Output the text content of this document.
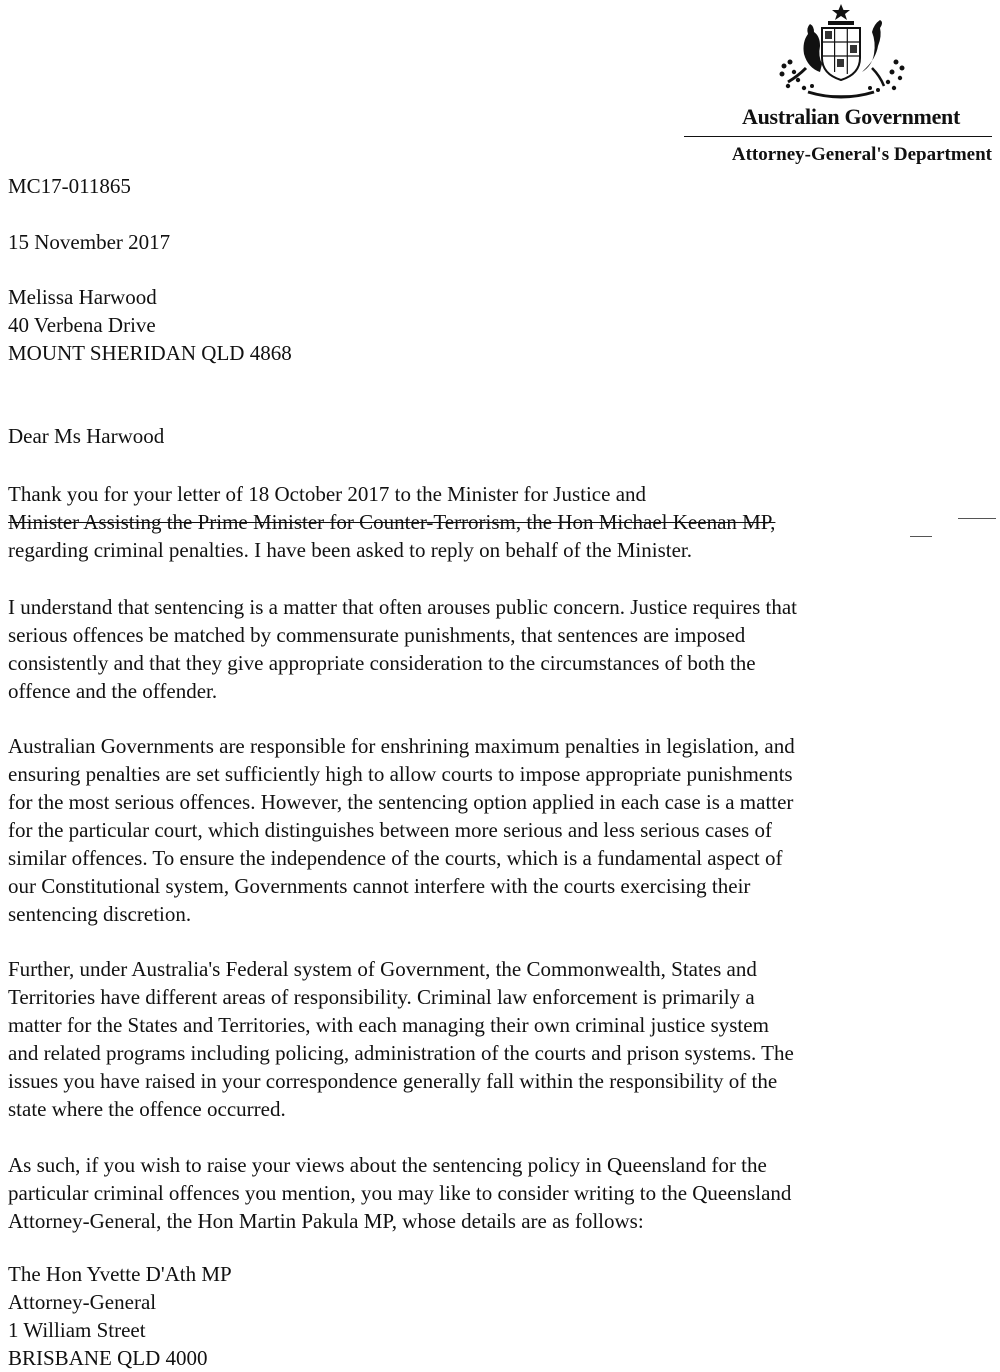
Australian Government
Attorney-General's Department
MC17-011865
15 November 2017
Melissa Harwood
40 Verbena Drive
MOUNT SHERIDAN QLD 4868
Dear Ms Harwood
Thank you for your letter of 18 October 2017 to the Minister for Justice and
Minister Assisting the Prime Minister for Counter-Terrorism, the Hon Michael Keenan MP,
regarding criminal penalties. I have been asked to reply on behalf of the Minister.
I understand that sentencing is a matter that often arouses public concern. Justice requires that
serious offences be matched by commensurate punishments, that sentences are imposed
consistently and that they give appropriate consideration to the circumstances of both the
offence and the offender.
Australian Governments are responsible for enshrining maximum penalties in legislation, and
ensuring penalties are set sufficiently high to allow courts to impose appropriate punishments
for the most serious offences. However, the sentencing option applied in each case is a matter
for the particular court, which distinguishes between more serious and less serious cases of
similar offences. To ensure the independence of the courts, which is a fundamental aspect of
our Constitutional system, Governments cannot interfere with the courts exercising their
sentencing discretion.
Further, under Australia's Federal system of Government, the Commonwealth, States and
Territories have different areas of responsibility. Criminal law enforcement is primarily a
matter for the States and Territories, with each managing their own criminal justice system
and related programs including policing, administration of the courts and prison systems. The
issues you have raised in your correspondence generally fall within the responsibility of the
state where the offence occurred.
As such, if you wish to raise your views about the sentencing policy in Queensland for the
particular criminal offences you mention, you may like to consider writing to the Queensland
Attorney-General, the Hon Martin Pakula MP, whose details are as follows:
The Hon Yvette D'Ath MP
Attorney-General
1 William Street
BRISBANE QLD 4000
